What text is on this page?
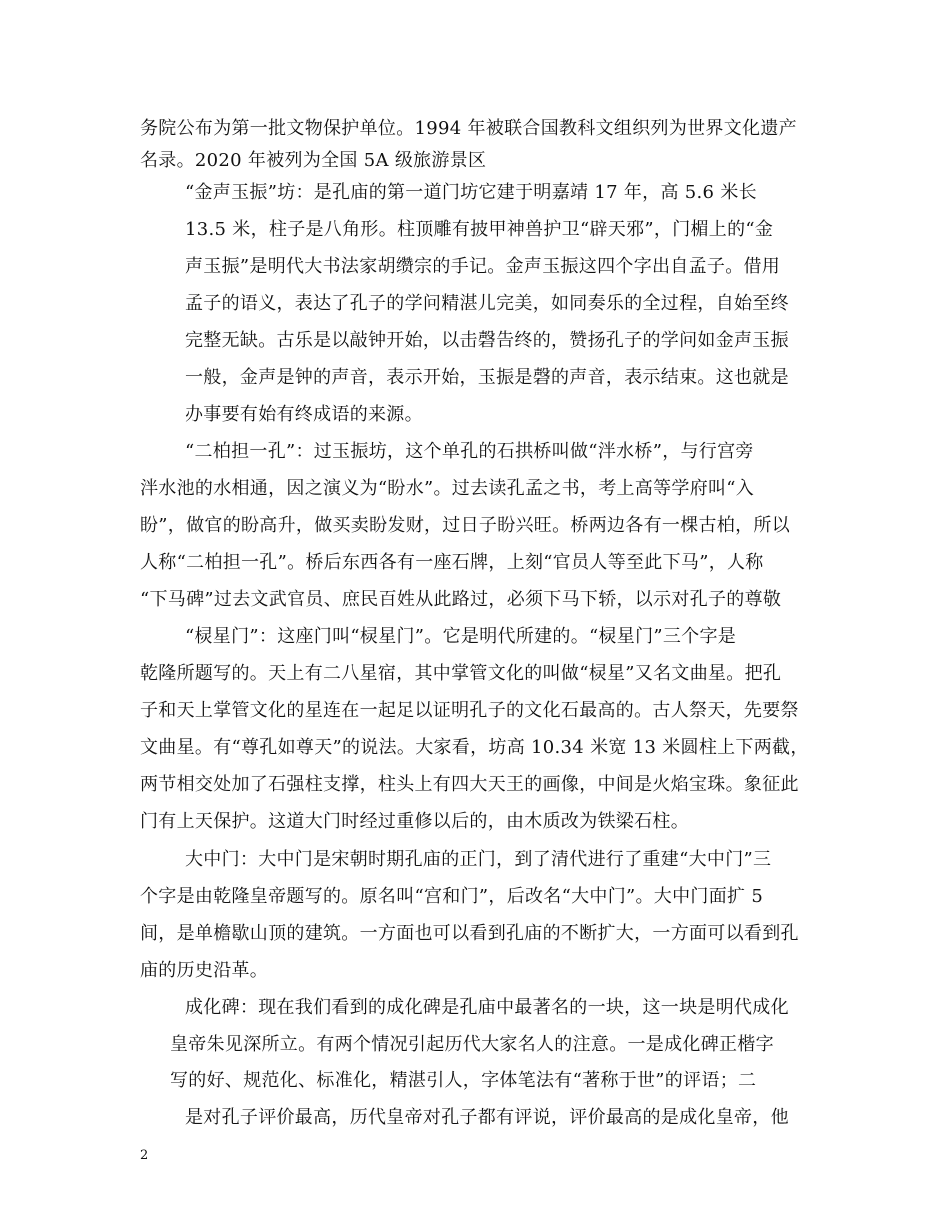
务院公布为第一批文物保护单位。1994 年被联合国教科文组织列为世界文化遗产
名录。2020 年被列为全国 5A 级旅游景区
“金声玉振”坊：是孔庙的第一道门坊它建于明嘉靖 17 年，高 5.6 米长
13.5 米，柱子是八角形。柱顶雕有披甲神兽护卫“辟天邪”，门楣上的“金
声玉振”是明代大书法家胡缵宗的手记。金声玉振这四个字出自孟子。借用
孟子的语义，表达了孔子的学问精湛儿完美，如同奏乐的全过程，自始至终
完整无缺。古乐是以敲钟开始，以击磬告终的，赞扬孔子的学问如金声玉振
一般，金声是钟的声音，表示开始，玉振是磬的声音，表示结束。这也就是
办事要有始有终成语的来源。
“二柏担一孔”：过玉振坊，这个单孔的石拱桥叫做“泮水桥”，与行宫旁
泮水池的水相通，因之演义为“盼水”。过去读孔孟之书，考上高等学府叫“入
盼”，做官的盼高升，做买卖盼发财，过日子盼兴旺。桥两边各有一棵古柏，所以
人称“二柏担一孔”。桥后东西各有一座石牌，上刻“官员人等至此下马”，人称
“下马碑”过去文武官员、庶民百姓从此路过，必须下马下轿，以示对孔子的尊敬
“棂星门”：这座门叫“棂星门”。它是明代所建的。“棂星门”三个字是
乾隆所题写的。天上有二八星宿，其中掌管文化的叫做“棂星”又名文曲星。把孔
子和天上掌管文化的星连在一起足以证明孔子的文化石最高的。古人祭天，先要祭
文曲星。有“尊孔如尊天”的说法。大家看，坊高 10.34 米宽 13 米圆柱上下两截，
两节相交处加了石强柱支撑，柱头上有四大天王的画像，中间是火焰宝珠。象征此
门有上天保护。这道大门时经过重修以后的，由木质改为铁梁石柱。
大中门：大中门是宋朝时期孔庙的正门，到了清代进行了重建“大中门”三
个字是由乾隆皇帝题写的。原名叫“宫和门”，后改名“大中门”。大中门面扩 5
间，是单檐歇山顶的建筑。一方面也可以看到孔庙的不断扩大，一方面可以看到孔
庙的历史沿革。
成化碑：现在我们看到的成化碑是孔庙中最著名的一块，这一块是明代成化
皇帝朱见深所立。有两个情况引起历代大家名人的注意。一是成化碑正楷字
写的好、规范化、标准化，精湛引人，字体笔法有“著称于世”的评语；二
是对孔子评价最高，历代皇帝对孔子都有评说，评价最高的是成化皇帝，他
2
